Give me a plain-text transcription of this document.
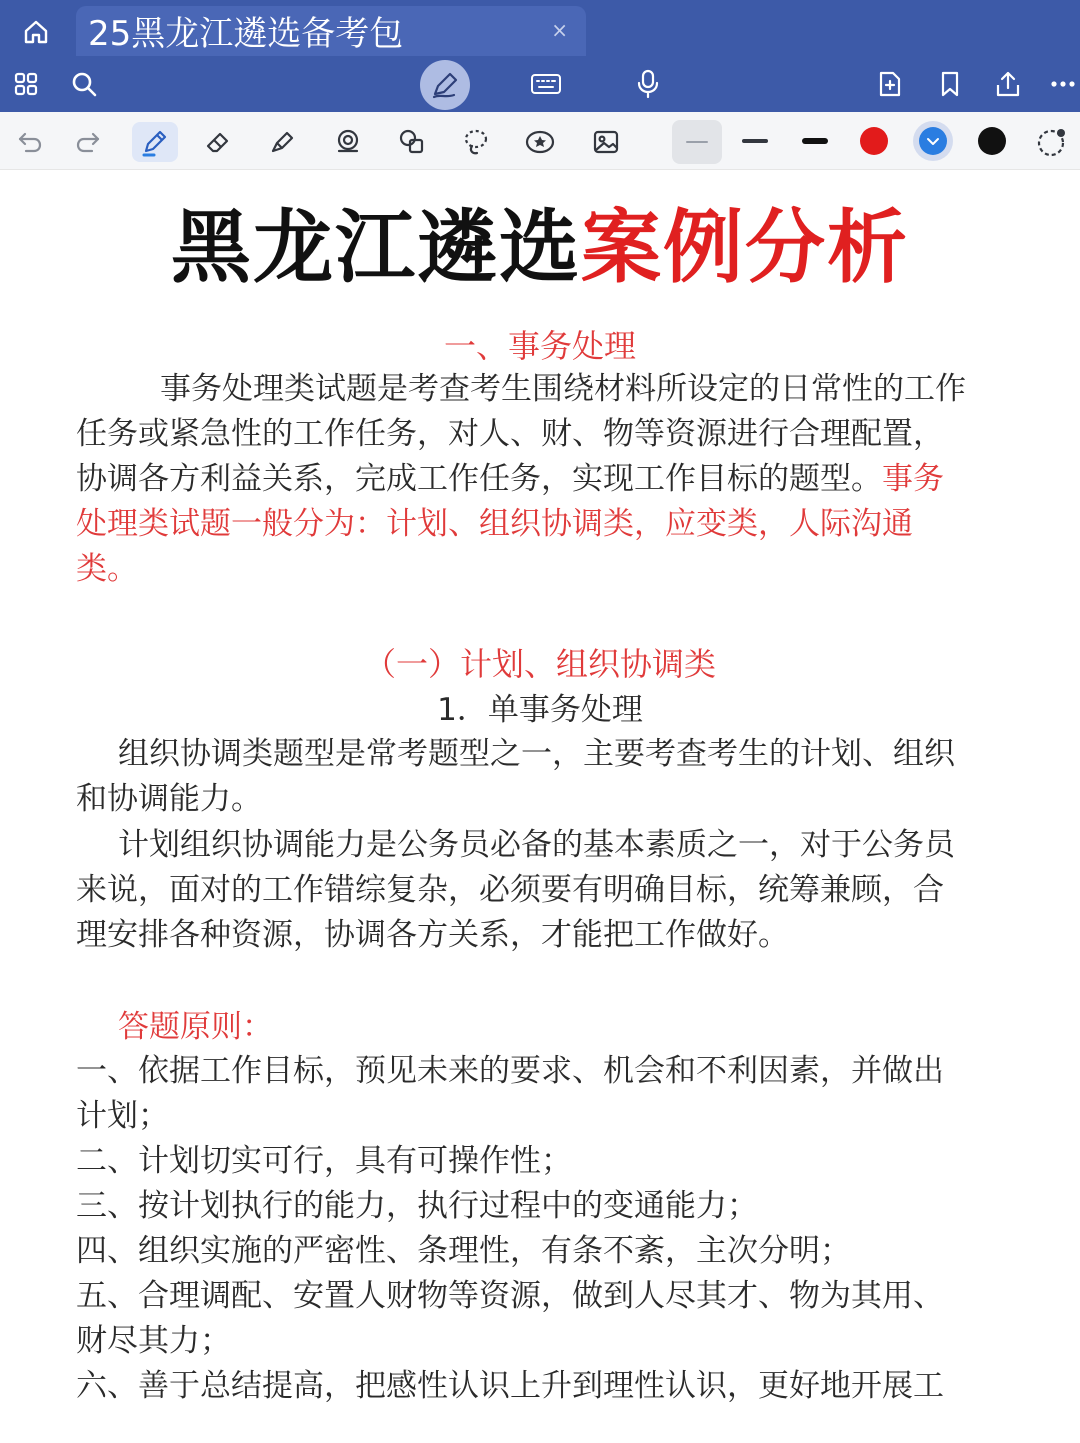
25黑龙江遴选备考包	×
黑龙江遴选案例分析
一、事务处理
事务处理类试题是考查考生围绕材料所设定的日常性的工作
任务或紧急性的工作任务，对人、财、物等资源进行合理配置，
协调各方利益关系，完成工作任务，实现工作目标的题型。事务
处理类试题一般分为：计划、组织协调类，应变类，人际沟通
类。
（一）计划、组织协调类
1．单事务处理
组织协调类题型是常考题型之一，主要考查考生的计划、组织
和协调能力。
计划组织协调能力是公务员必备的基本素质之一，对于公务员
来说，面对的工作错综复杂，必须要有明确目标，统筹兼顾，合
理安排各种资源，协调各方关系，才能把工作做好。
答题原则：
一、依据工作目标，预见未来的要求、机会和不利因素，并做出
计划；
二、计划切实可行，具有可操作性；
三、按计划执行的能力，执行过程中的变通能力；
四、组织实施的严密性、条理性，有条不紊，主次分明；
五、合理调配、安置人财物等资源，做到人尽其才、物为其用、
财尽其力；
六、善于总结提高，把感性认识上升到理性认识，更好地开展工
